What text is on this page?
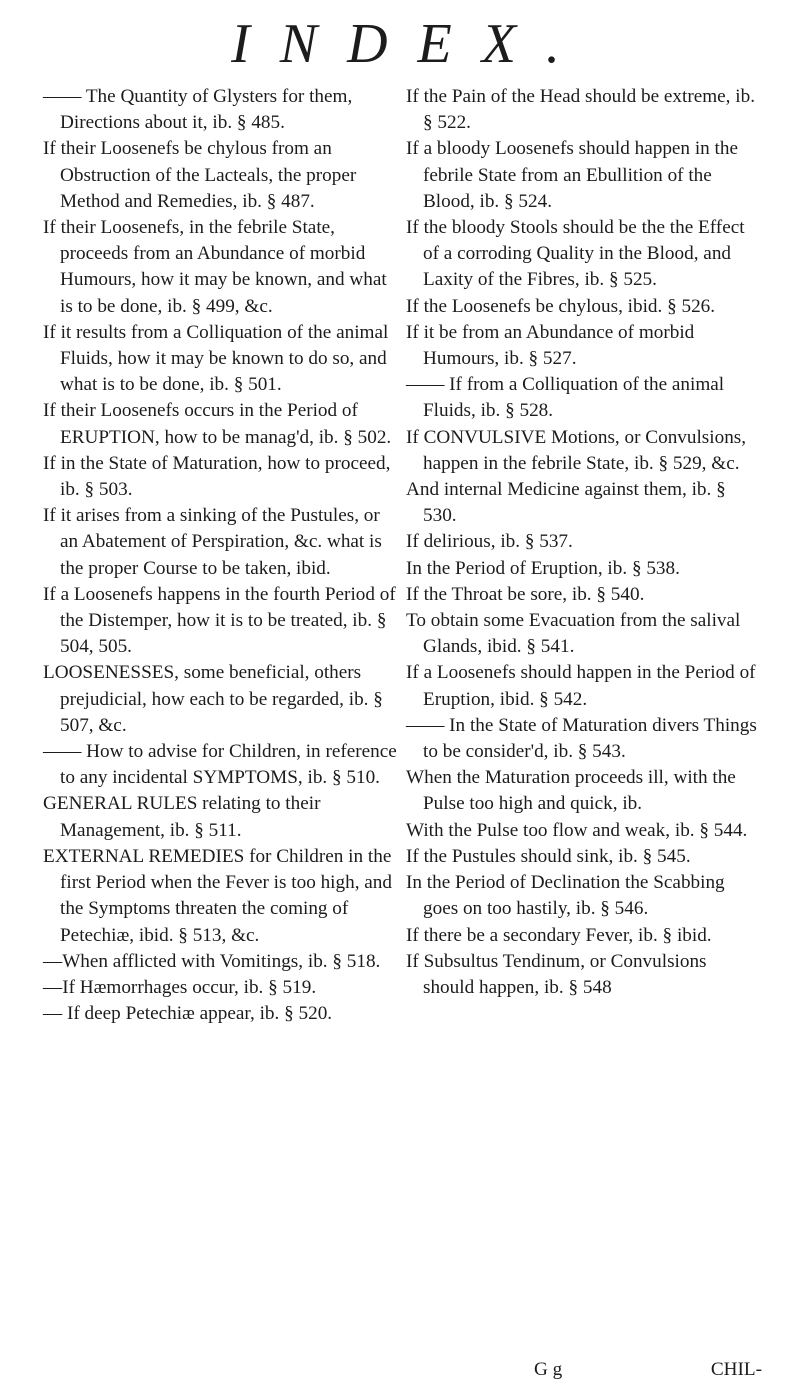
INDEX.

—— The Quantity of Glysters for them, Directions about it, ib. § 485.

If their Loosenefs be chylous from an Obstruction of the Lacteals, the proper Method and Remedies, ib. § 487.

If their Loosenefs, in the febrile State, proceeds from an Abundance of morbid Humours, how it may be known, and what is to be done, ib. § 499, &c.

If it results from a Colliquation of the animal Fluids, how it may be known to do so, and what is to be done, ib. § 501.

If their Loosenefs occurs in the Period of ERUPTION, how to be manag'd, ib. § 502.

If in the State of Maturation, how to proceed, ib. § 503.

If it arises from a sinking of the Pustules, or an Abatement of Perspiration, &c. what is the proper Course to be taken, ibid.

If a Loosenefs happens in the fourth Period of the Distemper, how it is to be treated, ib. § 504, 505.

LOOSENESSES, some beneficial, others prejudicial, how each to be regarded, ib. § 507, &c.

—— How to advise for Children, in reference to any incidental SYMPTOMS, ib. § 510.

GENERAL RULES relating to their Management, ib. § 511.

EXTERNAL REMEDIES for Children in the first Period when the Fever is too high, and the Symptoms threaten the coming of Petechiæ, ibid. § 513, &c.

—When afflicted with Vomitings, ib. § 518.

—If Hæmorrhages occur, ib. § 519.

— If deep Petechiæ appear, ib. § 520.

If the Pain of the Head should be extreme, ib. § 522.

If a bloody Loosenefs should happen in the febrile State from an Ebullition of the Blood, ib. § 524.

If the bloody Stools should be the the Effect of a corroding Quality in the Blood, and Laxity of the Fibres, ib. § 525.

If the Loosenefs be chylous, ibid. § 526.

If it be from an Abundance of morbid Humours, ib. § 527.

—— If from a Colliquation of the animal Fluids, ib. § 528.

If CONVULSIVE Motions, or Convulsions, happen in the febrile State, ib. § 529, &c.

And internal Medicine against them, ib. § 530.

If delirious, ib. § 537.

In the Period of Eruption, ib. § 538.

If the Throat be sore, ib. § 540.

To obtain some Evacuation from the salival Glands, ibid. § 541.

If a Loosenefs should happen in the Period of Eruption, ibid. § 542.

—— In the State of Maturation divers Things to be consider'd, ib. § 543.

When the Maturation proceeds ill, with the Pulse too high and quick, ib.

With the Pulse too flow and weak, ib. § 544.

If the Pustules should sink, ib. § 545.

In the Period of Declination the Scabbing goes on too hastily, ib. § 546.

If there be a secondary Fever, ib. § ibid.

If Subsultus Tendinum, or Convulsions should happen, ib. § 548

G g	CHIL-
